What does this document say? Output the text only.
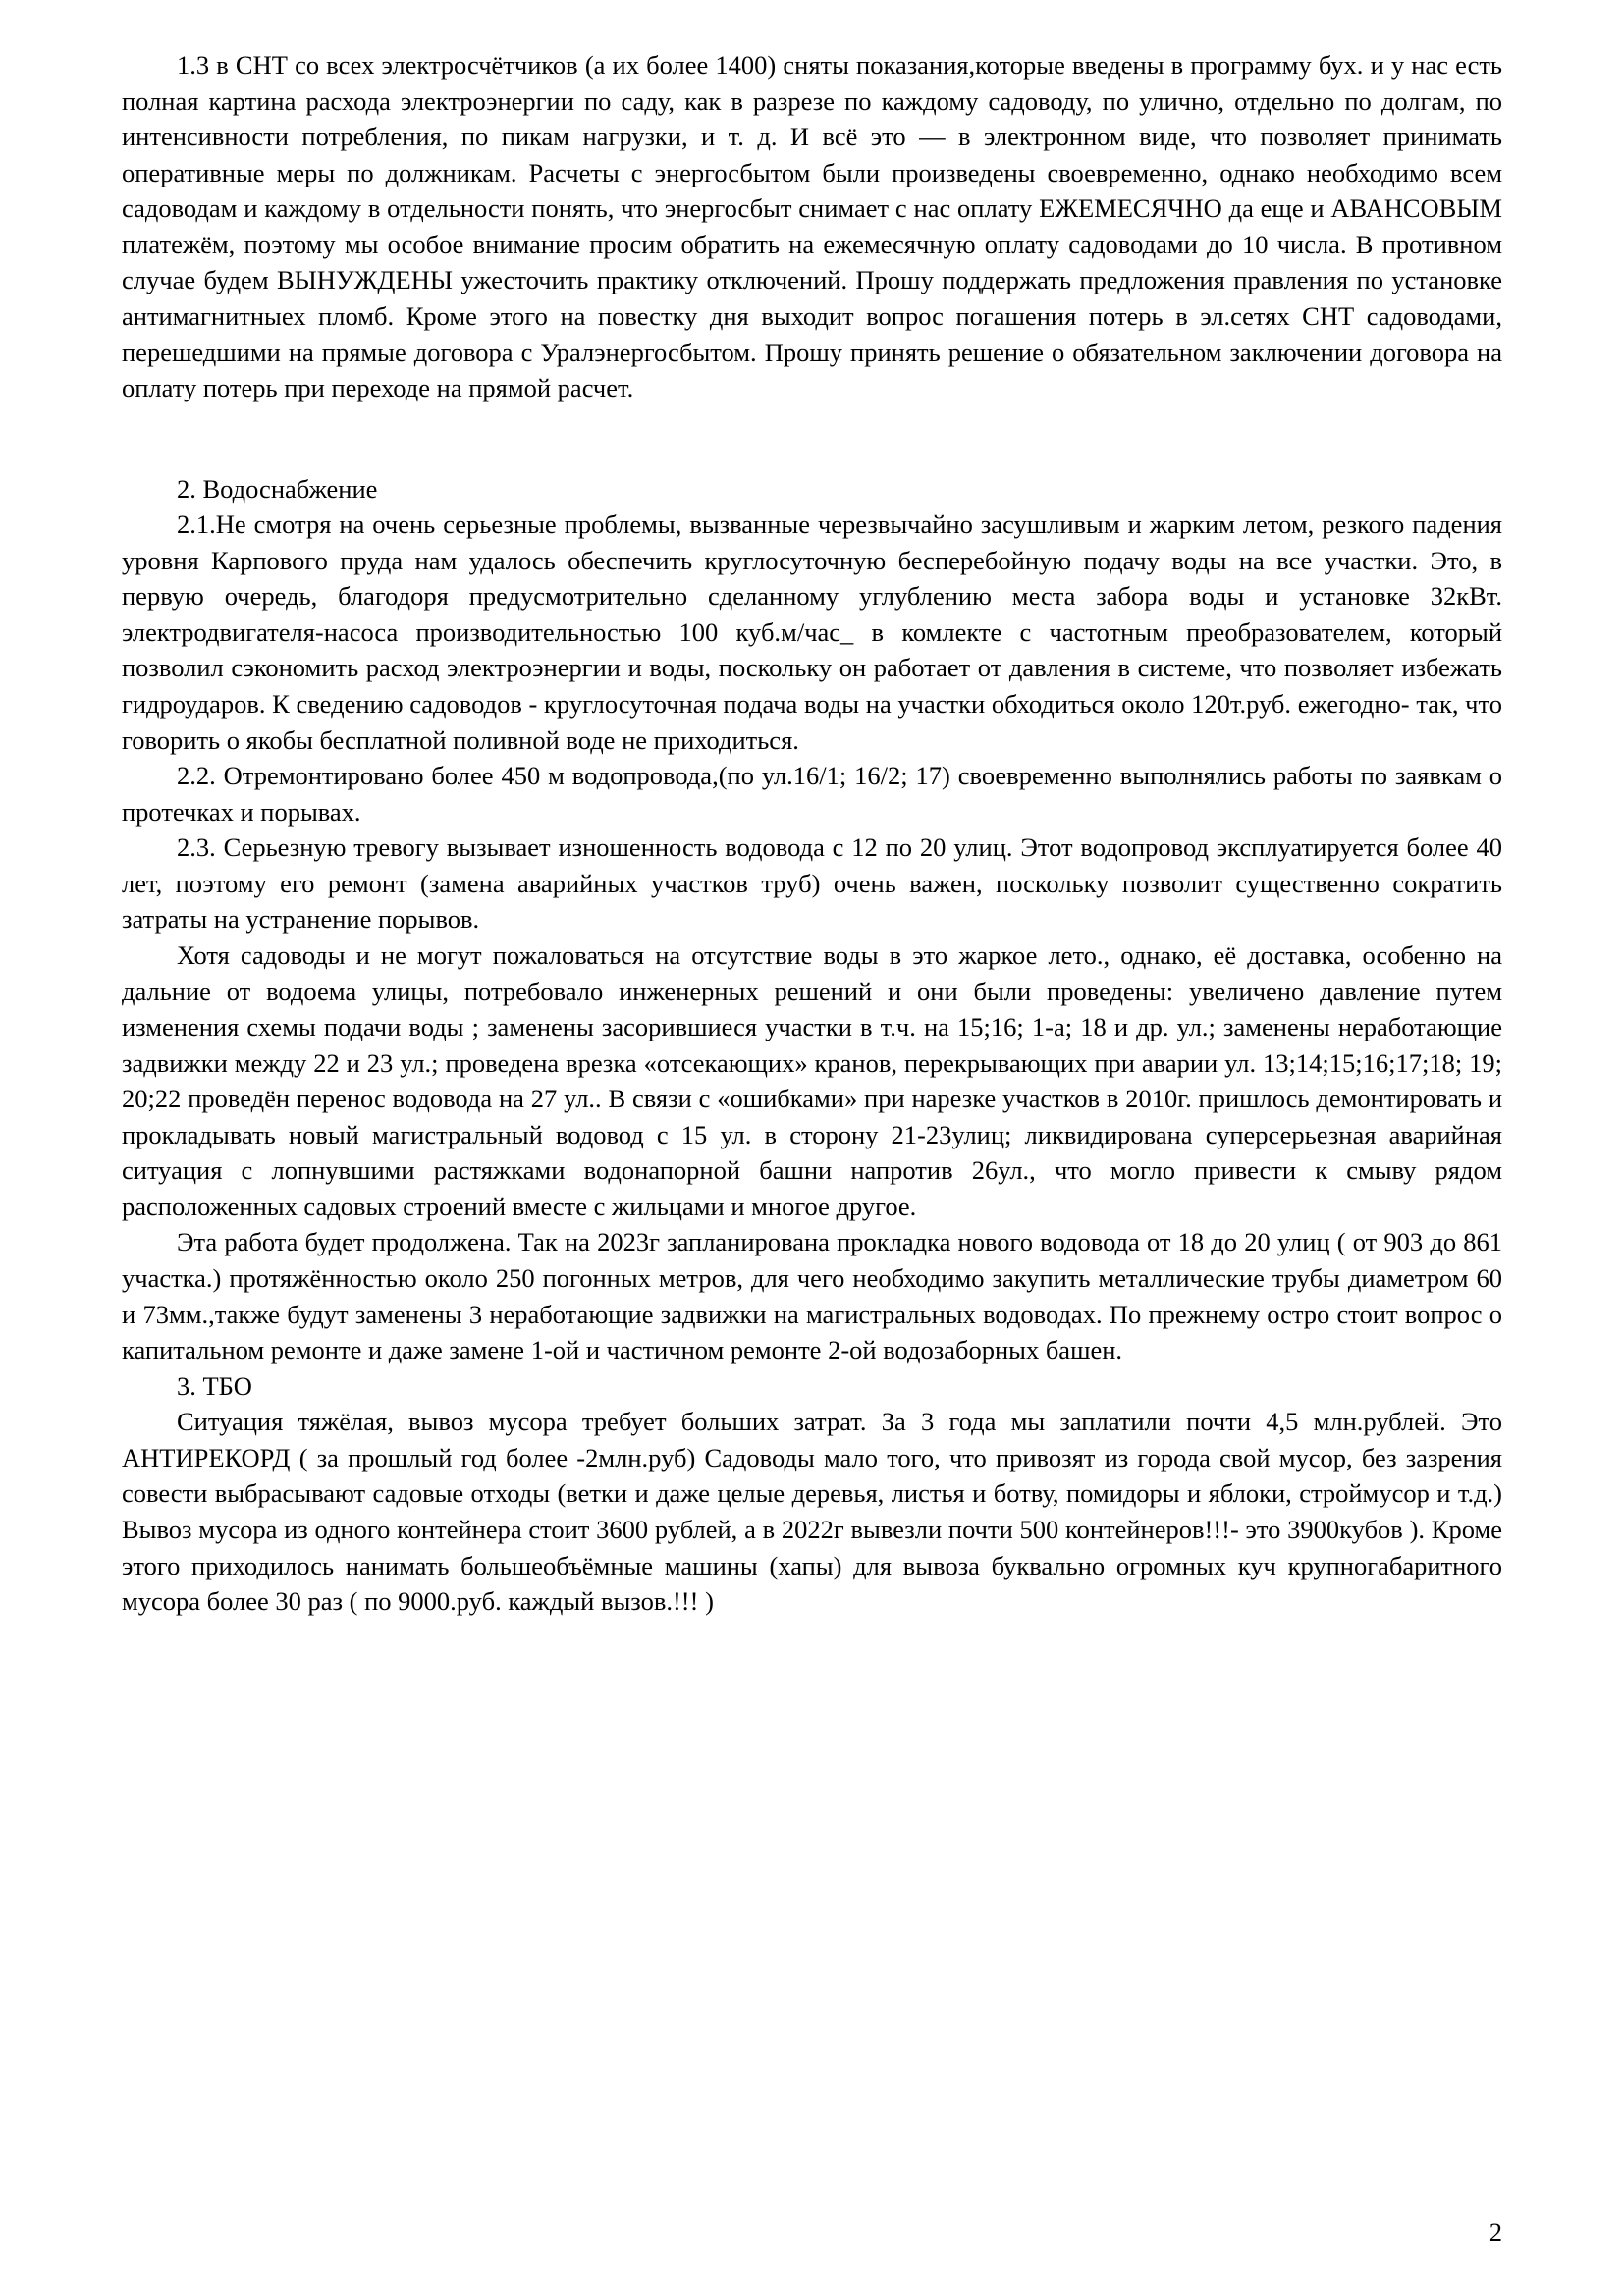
1.3 в СНТ со всех электросчётчиков (а их более 1400) сняты показания,которые введены в программу бух. и у нас есть полная картина расхода электроэнергии по саду, как в разрезе по каждому садоводу, по улично, отдельно по долгам, по интенсивности потребления, по пикам нагрузки, и т. д. И всё это — в электронном виде, что позволяет принимать оперативные меры по должникам. Расчеты с энергосбытом были произведены своевременно, однако необходимо всем садоводам и каждому в отдельности понять, что энергосбыт снимает с нас оплату ЕЖЕМЕСЯЧНО да еще и АВАНСОВЫМ платежём, поэтому мы особое внимание просим обратить на ежемесячную оплату садоводами до 10 числа. В противном случае будем ВЫНУЖДЕНЫ ужесточить практику отключений. Прошу поддержать предложения правления по установке антимагнитныех пломб. Кроме этого на повестку дня выходит вопрос погашения потерь в эл.сетях СНТ садоводами, перешедшими на прямые договора с Уралэнергосбытом. Прошу принять решение о обязательном заключении договора на оплату потерь при переходе на прямой расчет.

2. Водоснабжение

2.1.Не смотря на очень серьезные проблемы, вызванные черезвычайно засушливым и жарким летом, резкого падения уровня Карпового пруда нам удалось обеспечить круглосуточную бесперебойную подачу воды на все участки. Это, в первую очередь, благодоря предусмотрительно сделанному углублению места забора воды и установке 32кВт. электродвигателя-насоса производительностью 100 куб.м/час_ в комлекте с частотным преобразователем, который позволил сэкономить расход электроэнергии и воды, поскольку он работает от давления в системе, что позволяет избежать гидроударов. К сведению садоводов - круглосуточная подача воды на участки обходиться около 120т.руб. ежегодно- так, что говорить о якобы бесплатной поливной воде не приходиться.

2.2. Отремонтировано более 450 м водопровода,(по ул.16/1; 16/2; 17) своевременно выполнялись работы по заявкам о протечках и порывах.

2.3. Серьезную тревогу вызывает изношенность водовода с 12 по 20 улиц. Этот водопровод эксплуатируется более 40 лет, поэтому его ремонт (замена аварийных участков труб) очень важен, поскольку позволит существенно сократить затраты на устранение порывов.

Хотя садоводы и не могут пожаловаться на отсутствие воды в это жаркое лето., однако, её доставка, особенно на дальние от водоема улицы, потребовало инженерных решений и они были проведены: увеличено давление путем изменения схемы подачи воды ; заменены засорившиеся участки в т.ч. на 15;16; 1-а; 18 и др. ул.; заменены неработающие задвижки между 22 и 23 ул.; проведена врезка «отсекающих» кранов, перекрывающих при аварии ул. 13;14;15;16;17;18; 19; 20;22 проведён перенос водовода на 27 ул.. В связи с «ошибками» при нарезке участков в 2010г. пришлось демонтировать и прокладывать новый магистральный водовод с 15 ул. в сторону 21-23улиц; ликвидирована суперсерьезная аварийная ситуация с лопнувшими растяжками водонапорной башни напротив 26ул., что могло привести к смыву рядом расположенных садовых строений вместе с жильцами и многое другое.

Эта работа будет продолжена. Так на 2023г запланирована прокладка нового водовода от 18 до 20 улиц ( от 903 до 861 участка.) протяжённостью около 250 погонных метров, для чего необходимо закупить металлические трубы диаметром 60 и 73мм.,также будут заменены 3 неработающие задвижки на магистральных водоводах. По прежнему остро стоит вопрос о капитальном ремонте и даже замене 1-ой и частичном ремонте 2-ой водозаборных башен.

3. ТБО

Ситуация тяжёлая, вывоз мусора требует больших затрат. За 3 года мы заплатили почти 4,5 млн.рублей. Это АНТИРЕКОРД ( за прошлый год более -2млн.руб) Садоводы мало того, что привозят из города свой мусор, без зазрения совести выбрасывают садовые отходы (ветки и даже целые деревья, листья и ботву, помидоры и яблоки, строймусор и т.д.) Вывоз мусора из одного контейнера стоит 3600 рублей, а в 2022г вывезли почти 500 контейнеров!!!- это 3900кубов ). Кроме этого приходилось нанимать большеобъёмные машины (хапы) для вывоза буквально огромных куч крупногабаритного мусора более 30 раз ( по 9000.руб. каждый вызов.!!! )

2
